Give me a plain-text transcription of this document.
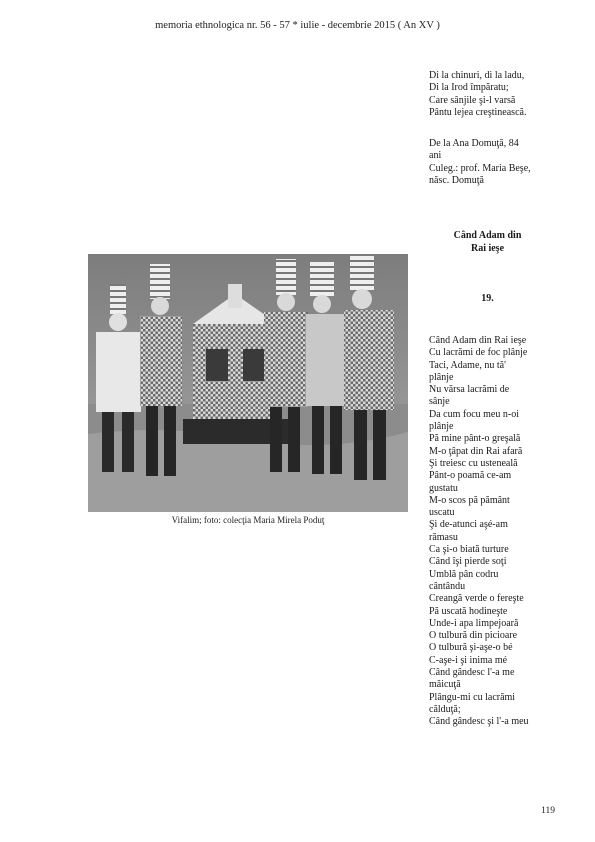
memoria ethnologica nr. 56 - 57 * iulie - decembrie 2015 ( An XV )
Di la chinuri, di la ladu,
Di la Irod împăratu;
Care sânjile şi-l varsă
Pântu lejea creştinească.
De la Ana Domuţă, 84
ani
Culeg.: prof. Maria Beşe,
născ. Domuţă
Când Adam din
Rai ieşe
19.
Când Adam din Rai ieşe
Cu lacrămi de foc plânje
Taci, Adame, nu tă'
plânje
Nu vărsa lacrămi de
sânje
Da cum focu meu n-oi
plânje
Pă mine pânt-o greşală
M-o ţâpat din Rai afară
Şi treiesc cu usteneală
Pânt-o poamă ce-am
gustatu
M-o scos pă pământ
uscatu
Şi de-atunci aşé-am
rămasu
Ca şi-o biată turture
Când îşi pierde soţi
Umblă pân codru
cântându
Creangă verde o fereşte
Pă uscată hodineşte
Unde-i apa limpejoară
O tulbură din picioare
O tulbură şi-aşe-o bé
C-aşe-i şi inima mé
Când gândesc l'-a me
măicuţă
Plângu-mi cu lacrămi
călduţă;
Când gândesc şi l'-a meu
Vifalim; foto: colecţia Maria Mirela Poduţ
119
